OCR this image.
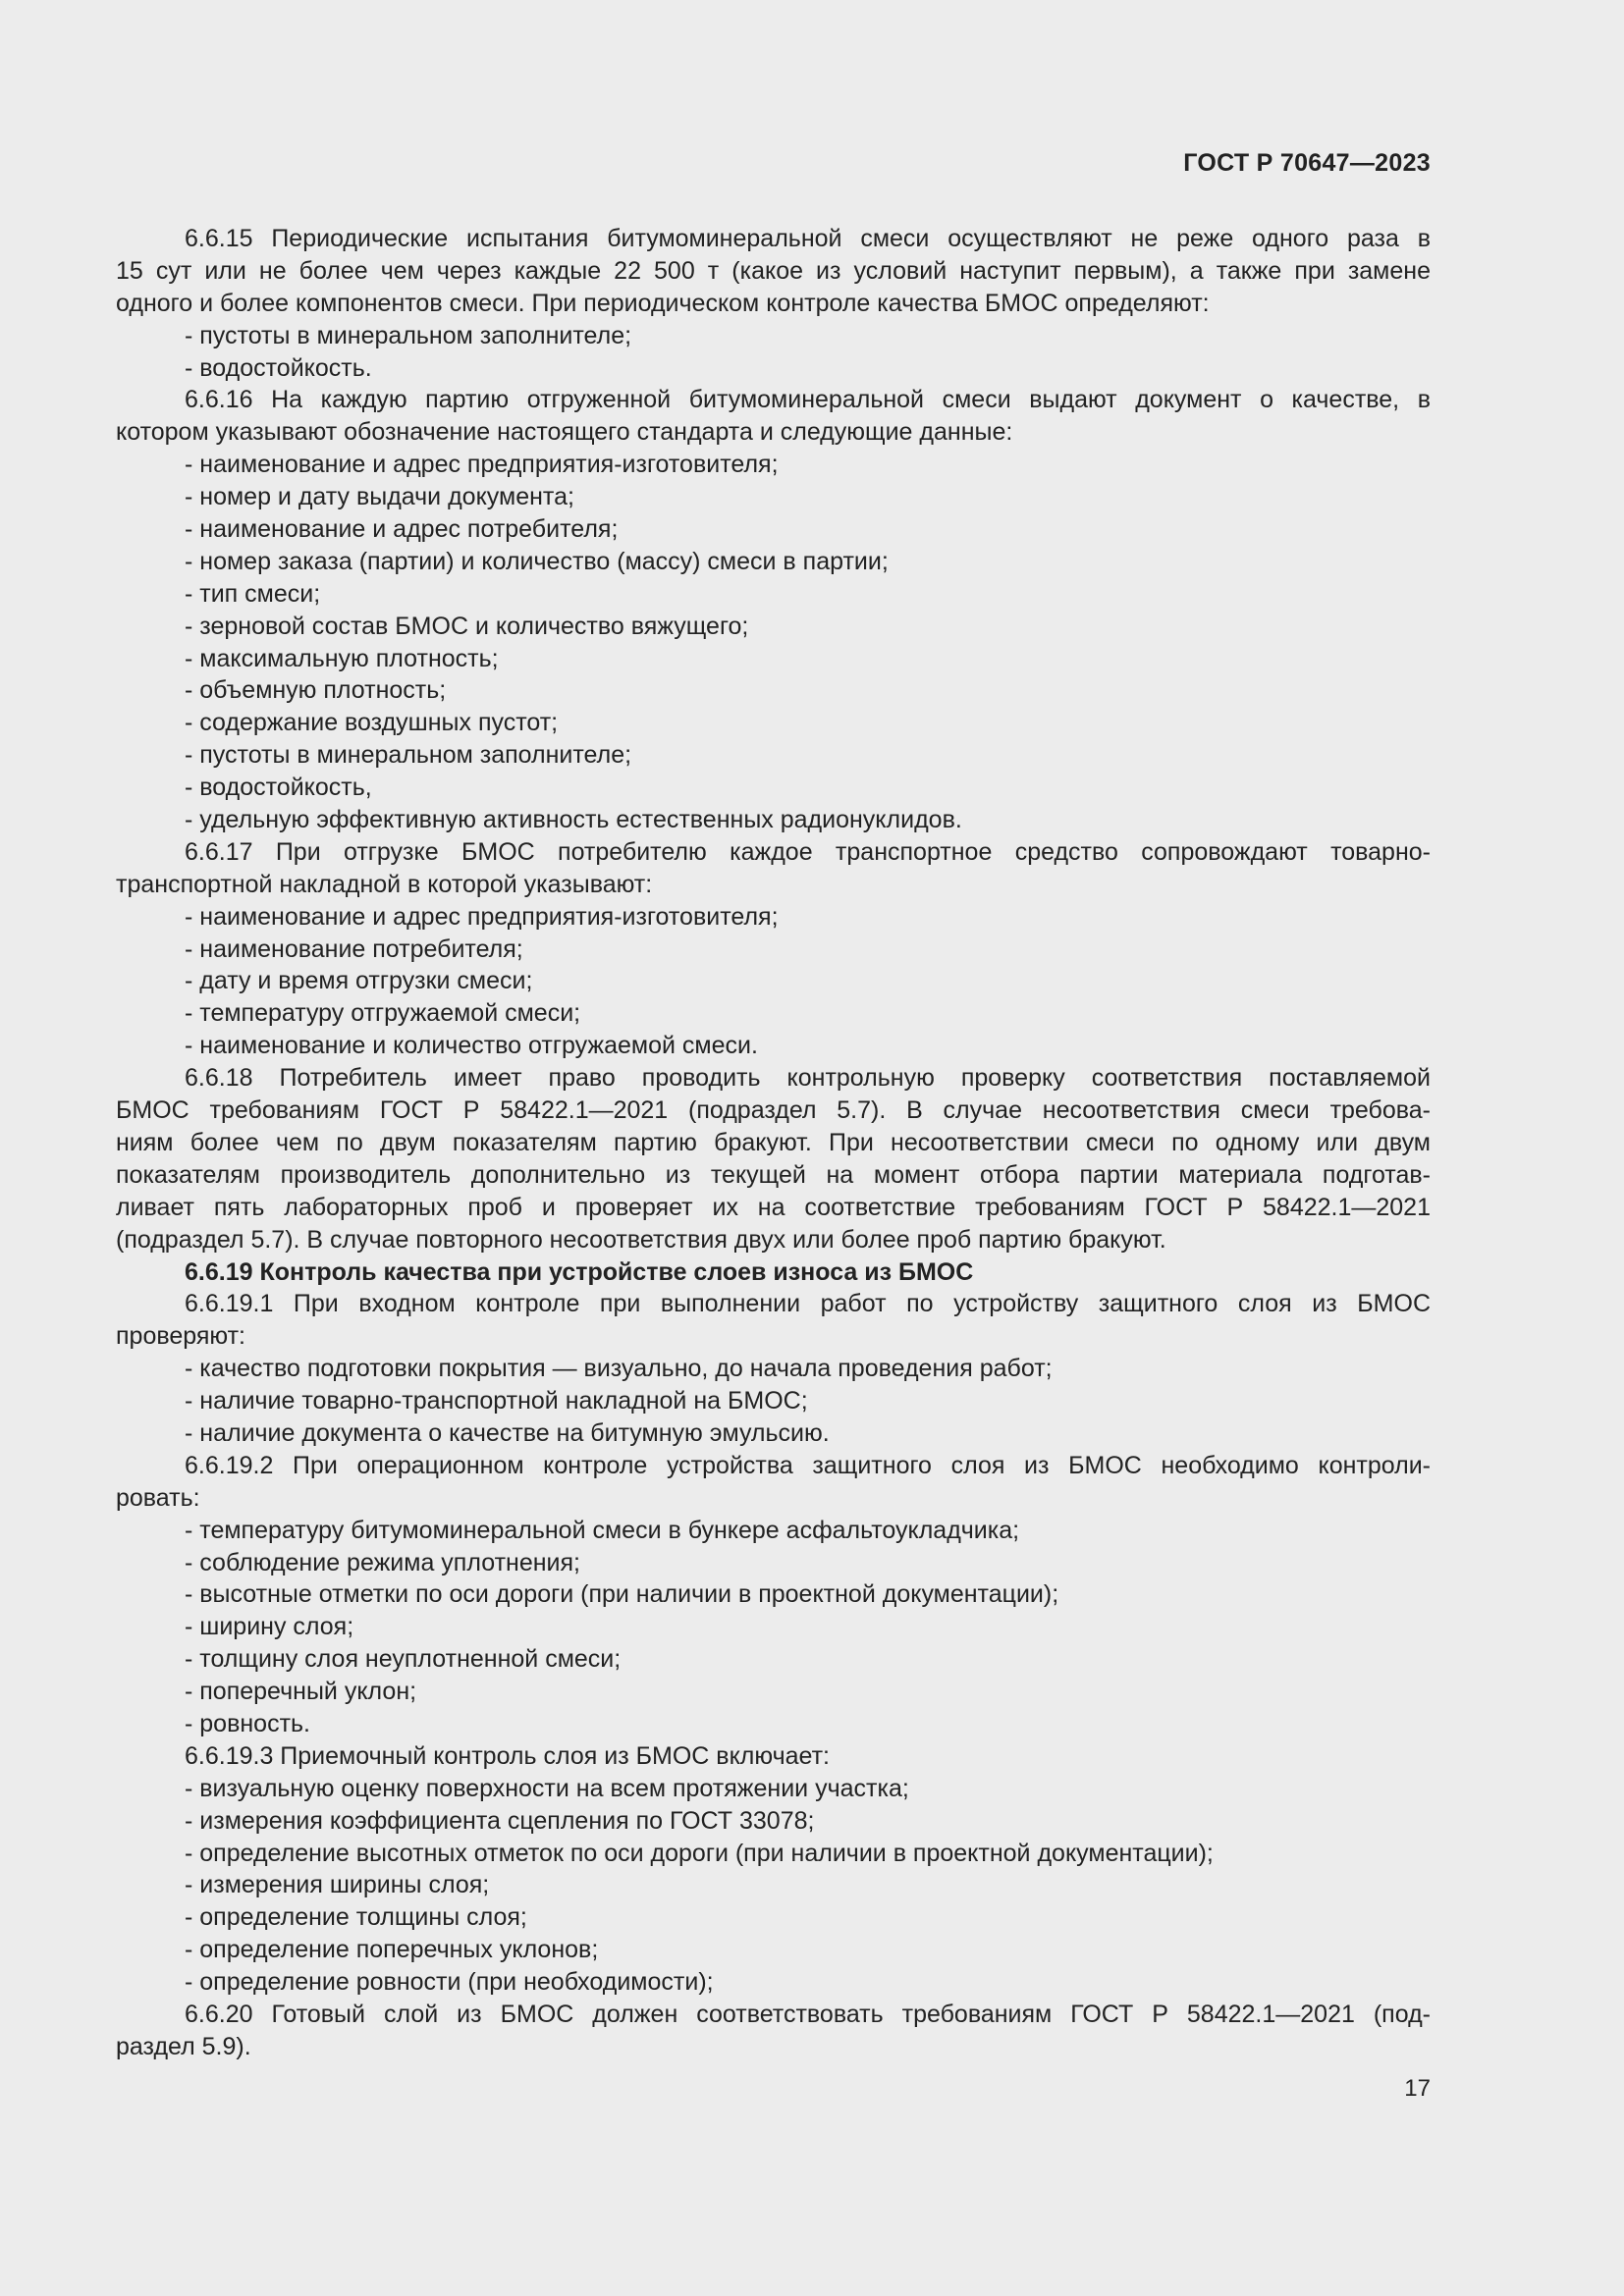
ГОСТ Р 70647—2023
6.6.15 Периодические испытания битумоминеральной смеси осуществляют не реже одного раза в
15 сут или не более чем через каждые 22 500 т (какое из условий наступит первым), а также при замене
одного и более компонентов смеси. При периодическом контроле качества БМОС определяют:
- пустоты в минеральном заполнителе;
- водостойкость.
6.6.16 На каждую партию отгруженной битумоминеральной смеси выдают документ о качестве, в
котором указывают обозначение настоящего стандарта и следующие данные:
- наименование и адрес предприятия-изготовителя;
- номер и дату выдачи документа;
- наименование и адрес потребителя;
- номер заказа (партии) и количество (массу) смеси в партии;
- тип смеси;
- зерновой состав БМОС и количество вяжущего;
- максимальную плотность;
- объемную плотность;
- содержание воздушных пустот;
- пустоты в минеральном заполнителе;
- водостойкость,
- удельную эффективную активность естественных радионуклидов.
6.6.17 При отгрузке БМОС потребителю каждое транспортное средство сопровождают товарно-
транспортной накладной в которой указывают:
- наименование и адрес предприятия-изготовителя;
- наименование потребителя;
- дату и время отгрузки смеси;
- температуру отгружаемой смеси;
- наименование и количество отгружаемой смеси.
6.6.18 Потребитель имеет право проводить контрольную проверку соответствия поставляемой
БМОС требованиям ГОСТ Р 58422.1—2021 (подраздел 5.7). В случае несоответствия смеси требова-
ниям более чем по двум показателям партию бракуют. При несоответствии смеси по одному или двум
показателям производитель дополнительно из текущей на момент отбора партии материала подготав-
ливает пять лабораторных проб и проверяет их на соответствие требованиям ГОСТ Р 58422.1—2021
(подраздел 5.7). В случае повторного несоответствия двух или более проб партию бракуют.
6.6.19 Контроль качества при устройстве слоев износа из БМОС
6.6.19.1 При входном контроле при выполнении работ по устройству защитного слоя из БМОС
проверяют:
- качество подготовки покрытия — визуально, до начала проведения работ;
- наличие товарно-транспортной накладной на БМОС;
- наличие документа о качестве на битумную эмульсию.
6.6.19.2 При операционном контроле устройства защитного слоя из БМОС необходимо контроли-
ровать:
- температуру битумоминеральной смеси в бункере асфальтоукладчика;
- соблюдение режима уплотнения;
- высотные отметки по оси дороги (при наличии в проектной документации);
- ширину слоя;
- толщину слоя неуплотненной смеси;
- поперечный уклон;
- ровность.
6.6.19.3 Приемочный контроль слоя из БМОС включает:
- визуальную оценку поверхности на всем протяжении участка;
- измерения коэффициента сцепления по ГОСТ 33078;
- определение высотных отметок по оси дороги (при наличии в проектной документации);
- измерения ширины слоя;
- определение толщины слоя;
- определение поперечных уклонов;
- определение ровности (при необходимости);
6.6.20 Готовый слой из БМОС должен соответствовать требованиям ГОСТ Р 58422.1—2021 (под-
раздел 5.9).
17
